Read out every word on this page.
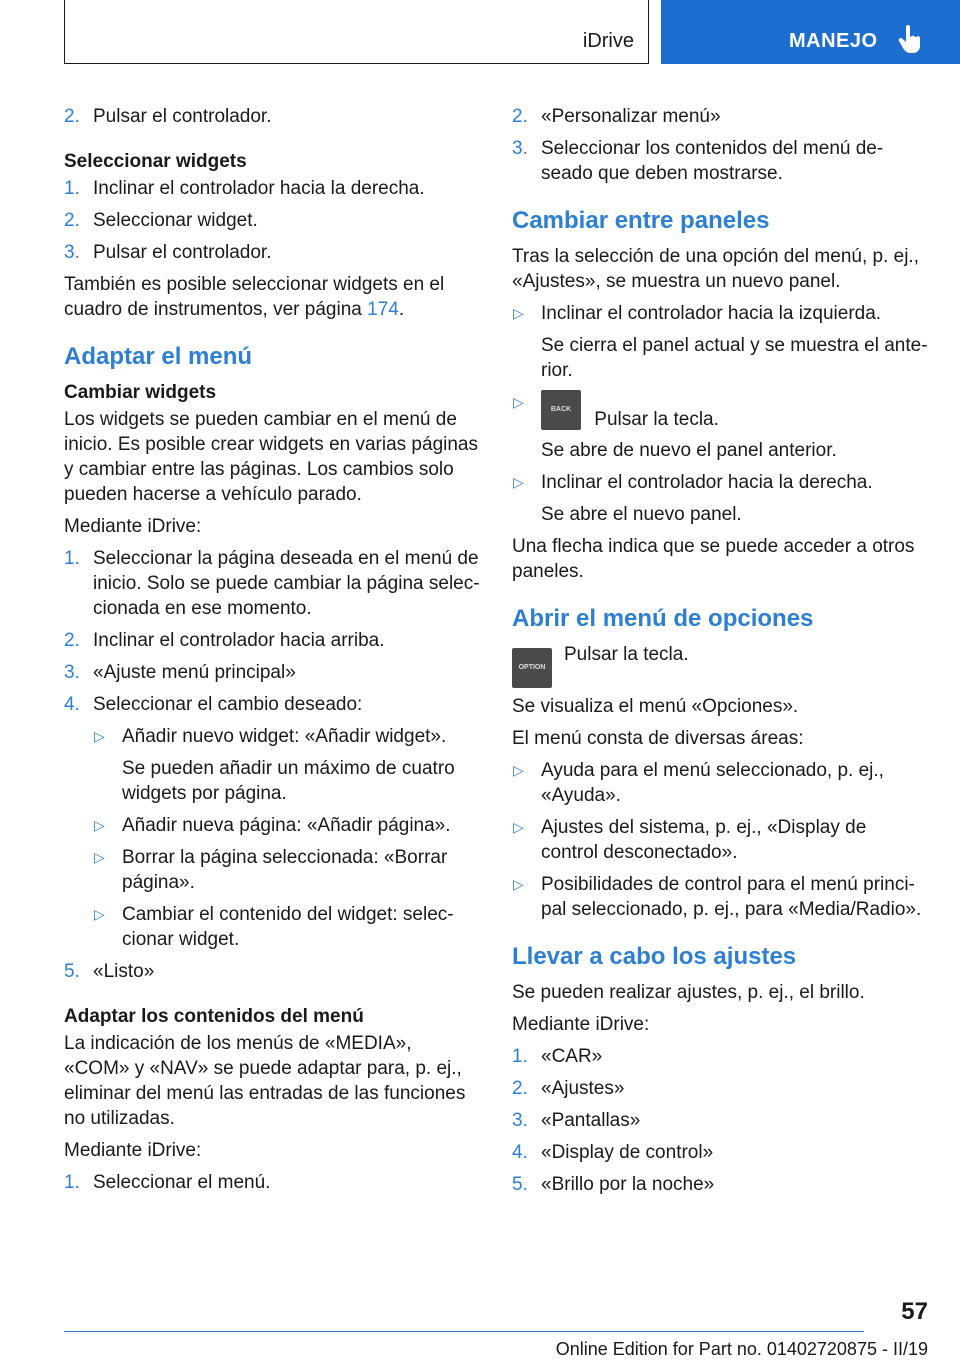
iDrive	MANEJO
2. Pulsar el controlador.
Seleccionar widgets
1. Inclinar el controlador hacia la derecha.
2. Seleccionar widget.
3. Pulsar el controlador.

También es posible seleccionar widgets en el cuadro de instrumentos, ver página 174.

Adaptar el menú
Cambiar widgets

Los widgets se pueden cambiar en el menú de inicio. Es posible crear widgets en varias páginas y cambiar entre las páginas. Los cambios solo pueden hacerse a vehículo parado.

Mediante iDrive:

1. Seleccionar la página deseada en el menú de inicio. Solo se puede cambiar la página seleccionada en ese momento.
2. Inclinar el controlador hacia arriba.
3. «Ajuste menú principal»
4. Seleccionar el cambio deseado:
▷ Añadir nuevo widget: «Añadir widget».
Se pueden añadir un máximo de cuatro widgets por página.
▷ Añadir nueva página: «Añadir página».
▷ Borrar la página seleccionada: «Borrar página».
▷ Cambiar el contenido del widget: seleccionar widget.
5. «Listo»
Adaptar los contenidos del menú

La indicación de los menús de «MEDIA», «COM» y «NAV» se puede adaptar para, p. ej., eliminar del menú las entradas de las funciones no utilizadas.

Mediante iDrive:

1. Seleccionar el menú.
2. «Personalizar menú»
3. Seleccionar los contenidos del menú deseado que deben mostrarse.
Cambiar entre paneles

Tras la selección de una opción del menú, p. ej., «Ajustes», se muestra un nuevo panel.

▷ Inclinar el controlador hacia la izquierda.
Se cierra el panel actual y se muestra el anterior.
▷	BACK Pulsar la tecla.
Se abre de nuevo el panel anterior.
▷ Inclinar el controlador hacia la derecha.
Se abre el nuevo panel.

Una flecha indica que se puede acceder a otros paneles.

Abrir el menú de opciones
OPTION
Pulsar la tecla.

Se visualiza el menú «Opciones».

El menú consta de diversas áreas:

▷ Ayuda para el menú seleccionado, p. ej., «Ayuda».
▷ Ajustes del sistema, p. ej., «Display de control desconectado».
▷ Posibilidades de control para el menú principal seleccionado, p. ej., para «Media/Radio».
Llevar a cabo los ajustes

Se pueden realizar ajustes, p. ej., el brillo.

Mediante iDrive:

1. «CAR»
2. «Ajustes»
3. «Pantallas»
4. «Display de control»
5. «Brillo por la noche»
57
Online Edition for Part no. 01402720875 - II/19
